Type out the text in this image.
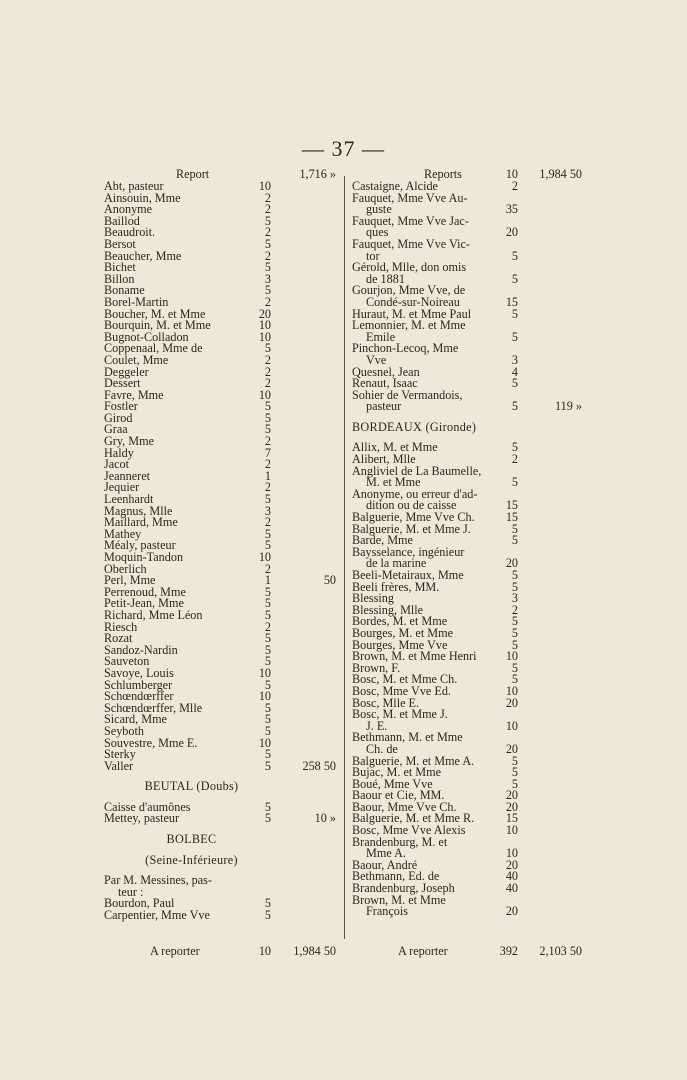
— 37 —
Report	1,716 »
Abt, pasteur	10
Ainsouin, Mme	2
Anonyme	2
Baillod	5
Beaudroit.	2
Bersot	5
Beaucher, Mme	2
Bichet	5
Billon	3
Boname	5
Borel-Martin	2
Boucher, M. et Mme	20
Bourquin, M. et Mme	10
Bugnot-Colladon	10
Coppenaal, Mme de	5
Coulet, Mme	2
Deggeler	2
Dessert	2
Favre, Mme	10
Fostler	5
Girod	5
Graa	5
Gry, Mme	2
Haldy	7
Jacot	2
Jeanneret	1
Jequier	2
Leenhardt	5
Magnus, Mlle	3
Maillard, Mme	2
Mathey	5
Méaly, pasteur	5
Moquin-Tandon	10
Oberlich	2
Perl, Mme	1	50
Perrenoud, Mme	5
Petit-Jean, Mme	5
Richard, Mme Léon	5
Riesch	2
Rozat	5
Sandoz-Nardin	5
Sauveton	5
Savoye, Louis	10
Schlumberger	5
Schœndœrffer	10
Schœndœrffer, Mlle	5
Sicard, Mme	5
Seyboth	5
Souvestre, Mme E.	10
Sterky	5
Valler	5	258 50
BEUTAL (Doubs)
Caisse d'aumônes	5
Mettey, pasteur	5	10 »
BOLBEC
(Seine-Inférieure)
Par M. Messines, pas-
teur :
Bourdon, Paul	5
Carpentier, Mme Vve	5
Reports	10	1,984 50
Castaigne, Alcide	2
Fauquet, Mme Vve Au-
guste	35
Fauquet, Mme Vve Jac-
ques	20
Fauquet, Mme Vve Vic-
tor	5
Gérold, Mlle, don omis
de 1881	5
Gourjon, Mme Vve, de
Condé-sur-Noireau	15
Huraut, M. et Mme Paul	5
Lemonnier, M. et Mme
Emile	5
Pinchon-Lecoq, Mme
Vve	3
Quesnel, Jean	4
Renaut, Isaac	5
Sohier de Vermandois,
pasteur	5	119 »
BORDEAUX (Gironde)
Allix, M. et Mme	5
Alibert, Mlle	2
Angliviel de La Baumelle,
M. et Mme	5
Anonyme, ou erreur d'ad-
dition ou de caisse	15
Balguerie, Mme Vve Ch.	15
Balguerie, M. et Mme J.	5
Barde, Mme	5
Baysselance, ingénieur
de la marine	20
Beeli-Metairaux, Mme	5
Beeli frères, MM.	5
Blessing	3
Blessing, Mlle	2
Bordes, M. et Mme	5
Bourges, M. et Mme	5
Bourges, Mme Vve	5
Brown, M. et Mme Henri	10
Brown, F.	5
Bosc, M. et Mme Ch.	5
Bosc, Mme Vve Ed.	10
Bosc, Mlle E.	20
Bosc, M. et Mme J.
J. E.	10
Bethmann, M. et Mme
Ch. de	20
Balguerie, M. et Mme A.	5
Bujac, M. et Mme	5
Boué, Mme Vve	5
Baour et Cie, MM.	20
Baour, Mme Vve Ch.	20
Balguerie, M. et Mme R.	15
Bosc, Mme Vve Alexis	10
Brandenburg, M. et
Mme A.	10
Baour, André	20
Bethmann, Ed. de	40
Brandenburg, Joseph	40
Brown, M. et Mme
François	20
A reporter	10	1,984 50	A reporter	392	2,103 50
